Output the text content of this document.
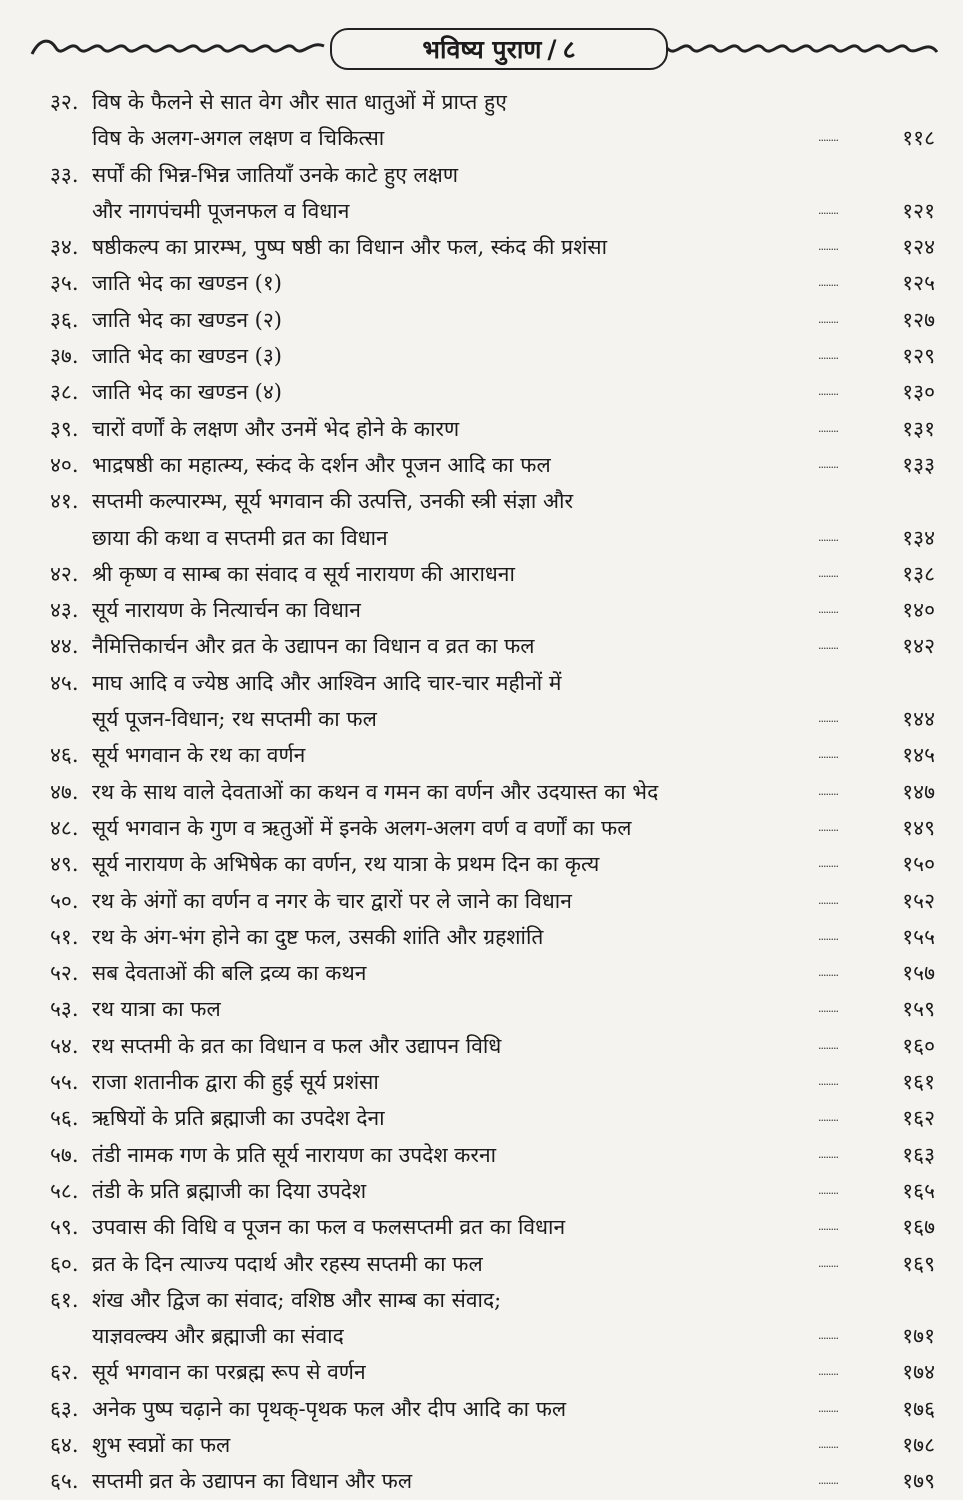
भविष्य पुराण / ८
३२. विष के फैलने से सात वेग और सात धातुओं में प्राप्त हुए
विष के अलग-अगल लक्षण व चिकित्सा	........	११८
३३. सर्पों की भिन्न-भिन्न जातियाँ उनके काटे हुए लक्षण
और नागपंचमी पूजनफल व विधान	........	१२१
३४. षष्ठीकल्प का प्रारम्भ, पुष्प षष्ठी का विधान और फल, स्कंद की प्रशंसा	........	१२४
३५. जाति भेद का खण्डन (१)	........	१२५
३६. जाति भेद का खण्डन (२)	........	१२७
३७. जाति भेद का खण्डन (३)	........	१२९
३८. जाति भेद का खण्डन (४)	........	१३०
३९. चारों वर्णों के लक्षण और उनमें भेद होने के कारण	........	१३१
४०. भाद्रषष्ठी का महात्म्य, स्कंद के दर्शन और पूजन आदि का फल	........	१३३
४१. सप्तमी कल्पारम्भ, सूर्य भगवान की उत्पत्ति, उनकी स्त्री संज्ञा और
छाया की कथा व सप्तमी व्रत का विधान	........	१३४
४२. श्री कृष्ण व साम्ब का संवाद व सूर्य नारायण की आराधना	........	१३८
४३. सूर्य नारायण के नित्यार्चन का विधान	........	१४०
४४. नैमित्तिकार्चन और व्रत के उद्यापन का विधान व व्रत का फल	........	१४२
४५. माघ आदि व ज्येष्ठ आदि और आश्विन आदि चार-चार महीनों में
सूर्य पूजन-विधान; रथ सप्तमी का फल	........	१४४
४६. सूर्य भगवान के रथ का वर्णन	........	१४५
४७. रथ के साथ वाले देवताओं का कथन व गमन का वर्णन और उदयास्त का भेद	........	१४७
४८. सूर्य भगवान के गुण व ऋतुओं में इनके अलग-अलग वर्ण व वर्णों का फल	........	१४९
४९. सूर्य नारायण के अभिषेक का वर्णन, रथ यात्रा के प्रथम दिन का कृत्य	........	१५०
५०. रथ के अंगों का वर्णन व नगर के चार द्वारों पर ले जाने का विधान	........	१५२
५१. रथ के अंग-भंग होने का दुष्ट फल, उसकी शांति और ग्रहशांति	........	१५५
५२. सब देवताओं की बलि द्रव्य का कथन	........	१५७
५३. रथ यात्रा का फल	........	१५९
५४. रथ सप्तमी के व्रत का विधान व फल और उद्यापन विधि	........	१६०
५५. राजा शतानीक द्वारा की हुई सूर्य प्रशंसा	........	१६१
५६. ऋषियों के प्रति ब्रह्माजी का उपदेश देना	........	१६२
५७. तंडी नामक गण के प्रति सूर्य नारायण का उपदेश करना	........	१६३
५८. तंडी के प्रति ब्रह्माजी का दिया उपदेश	........	१६५
५९. उपवास की विधि व पूजन का फल व फलसप्तमी व्रत का विधान	........	१६७
६०. व्रत के दिन त्याज्य पदार्थ और रहस्य सप्तमी का फल	........	१६९
६१. शंख और द्विज का संवाद; वशिष्ठ और साम्ब का संवाद;
याज्ञवल्क्य और ब्रह्माजी का संवाद	........	१७१
६२. सूर्य भगवान का परब्रह्म रूप से वर्णन	........	१७४
६३. अनेक पुष्प चढ़ाने का पृथक्-पृथक फल और दीप आदि का फल	........	१७६
६४. शुभ स्वप्नों का फल	........	१७८
६५. सप्तमी व्रत के उद्यापन का विधान और फल	........	१७९
